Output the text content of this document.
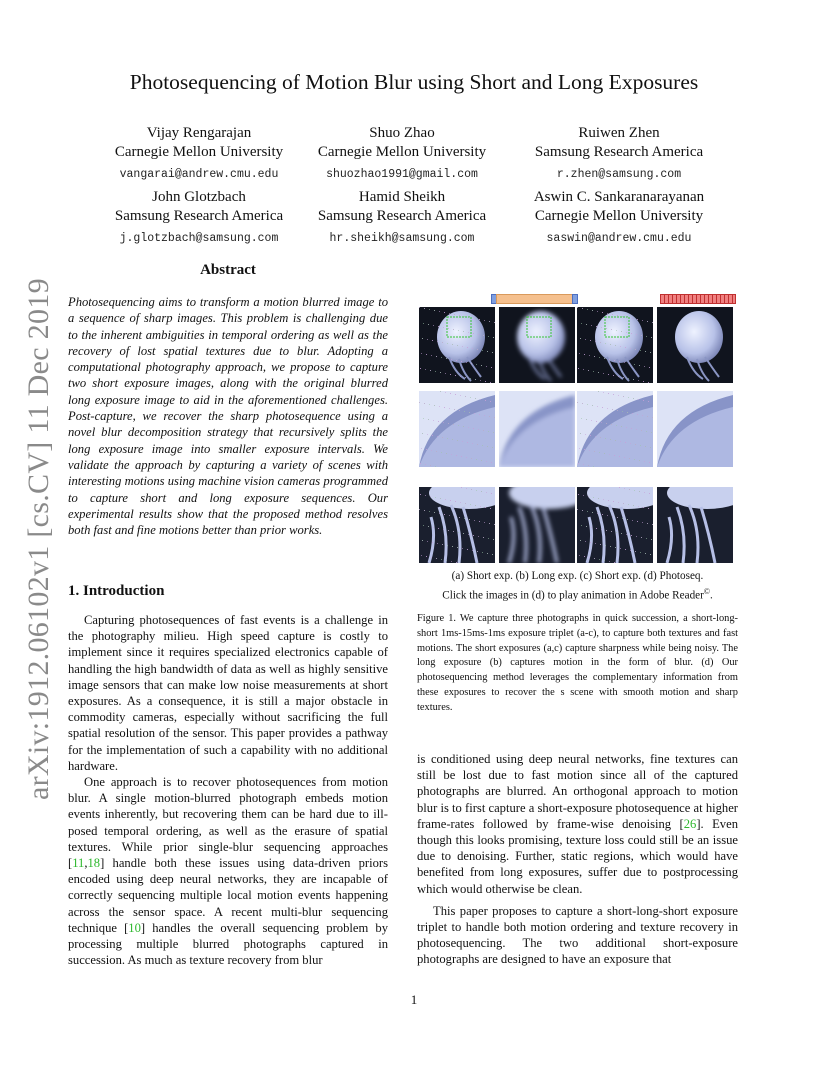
Photosequencing of Motion Blur using Short and Long Exposures
Vijay Rengarajan
Carnegie Mellon University
vangarai@andrew.cmu.edu
Shuo Zhao
Carnegie Mellon University
shuozhao1991@gmail.com
Ruiwen Zhen
Samsung Research America
r.zhen@samsung.com
John Glotzbach
Samsung Research America
j.glotzbach@samsung.com
Hamid Sheikh
Samsung Research America
hr.sheikh@samsung.com
Aswin C. Sankaranarayanan
Carnegie Mellon University
saswin@andrew.cmu.edu
arXiv:1912.06102v1 [cs.CV] 11 Dec 2019
Abstract
Photosequencing aims to transform a motion blurred image to a sequence of sharp images. This problem is challenging due to the inherent ambiguities in temporal ordering as well as the recovery of lost spatial textures due to blur. Adopting a computational photography approach, we propose to capture two short exposure images, along with the original blurred long exposure image to aid in the aforementioned challenges. Post-capture, we recover the sharp photosequence using a novel blur decomposition strategy that recursively splits the long exposure image into smaller exposure intervals. We validate the approach by capturing a variety of scenes with interesting motions using machine vision cameras programmed to capture short and long exposure sequences. Our experimental results show that the proposed method resolves both fast and fine motions better than prior works.
1. Introduction

Capturing photosequences of fast events is a challenge in the photography milieu. High speed capture is costly to implement since it requires specialized electronics capable of handling the high bandwidth of data as well as highly sensitive image sensors that can make low noise measurements at short exposures. As a consequence, it is still a major obstacle in commodity cameras, especially without sacrificing the full spatial resolution of the sensor. This paper provides a pathway for the implementation of such a capability with no additional hardware.

One approach is to recover photosequences from motion blur. A single motion-blurred photograph embeds motion events inherently, but recovering them can be hard due to ill-posed temporal ordering, as well as the erasure of spatial textures. While prior single-blur sequencing approaches [11,18] handle both these issues using data-driven priors encoded using deep neural networks, they are incapable of correctly sequencing multiple local motion events happening across the sensor space. A recent multi-blur sequencing technique [10] handles the overall sequencing problem by processing multiple blurred photographs captured in succession. As much as texture recovery from blur

(a) Short exp. (b) Long exp. (c) Short exp. (d) Photoseq.
Click the images in (d) to play animation in Adobe Reader©.
Figure 1. We capture three photographs in quick succession, a short-long-short 1ms-15ms-1ms exposure triplet (a-c), to capture both textures and fast motions. The short exposures (a,c) capture sharpness while being noisy. The long exposure (b) captures motion in the form of blur. (d) Our photosequencing method leverages the complementary information from these exposures to recover the s scene with smooth motion and sharp textures.

is conditioned using deep neural networks, fine textures can still be lost due to fast motion since all of the captured photographs are blurred. An orthogonal approach to motion blur is to first capture a short-exposure photosequence at higher frame-rates followed by frame-wise denoising [26]. Even though this looks promising, texture loss could still be an issue due to denoising. Further, static regions, which would have benefited from long exposures, suffer due to postprocessing which would otherwise be clean.

This paper proposes to capture a short-long-short exposure triplet to handle both motion ordering and texture recovery in photosequencing. The two additional short-exposure photographs are designed to have an exposure that

1
